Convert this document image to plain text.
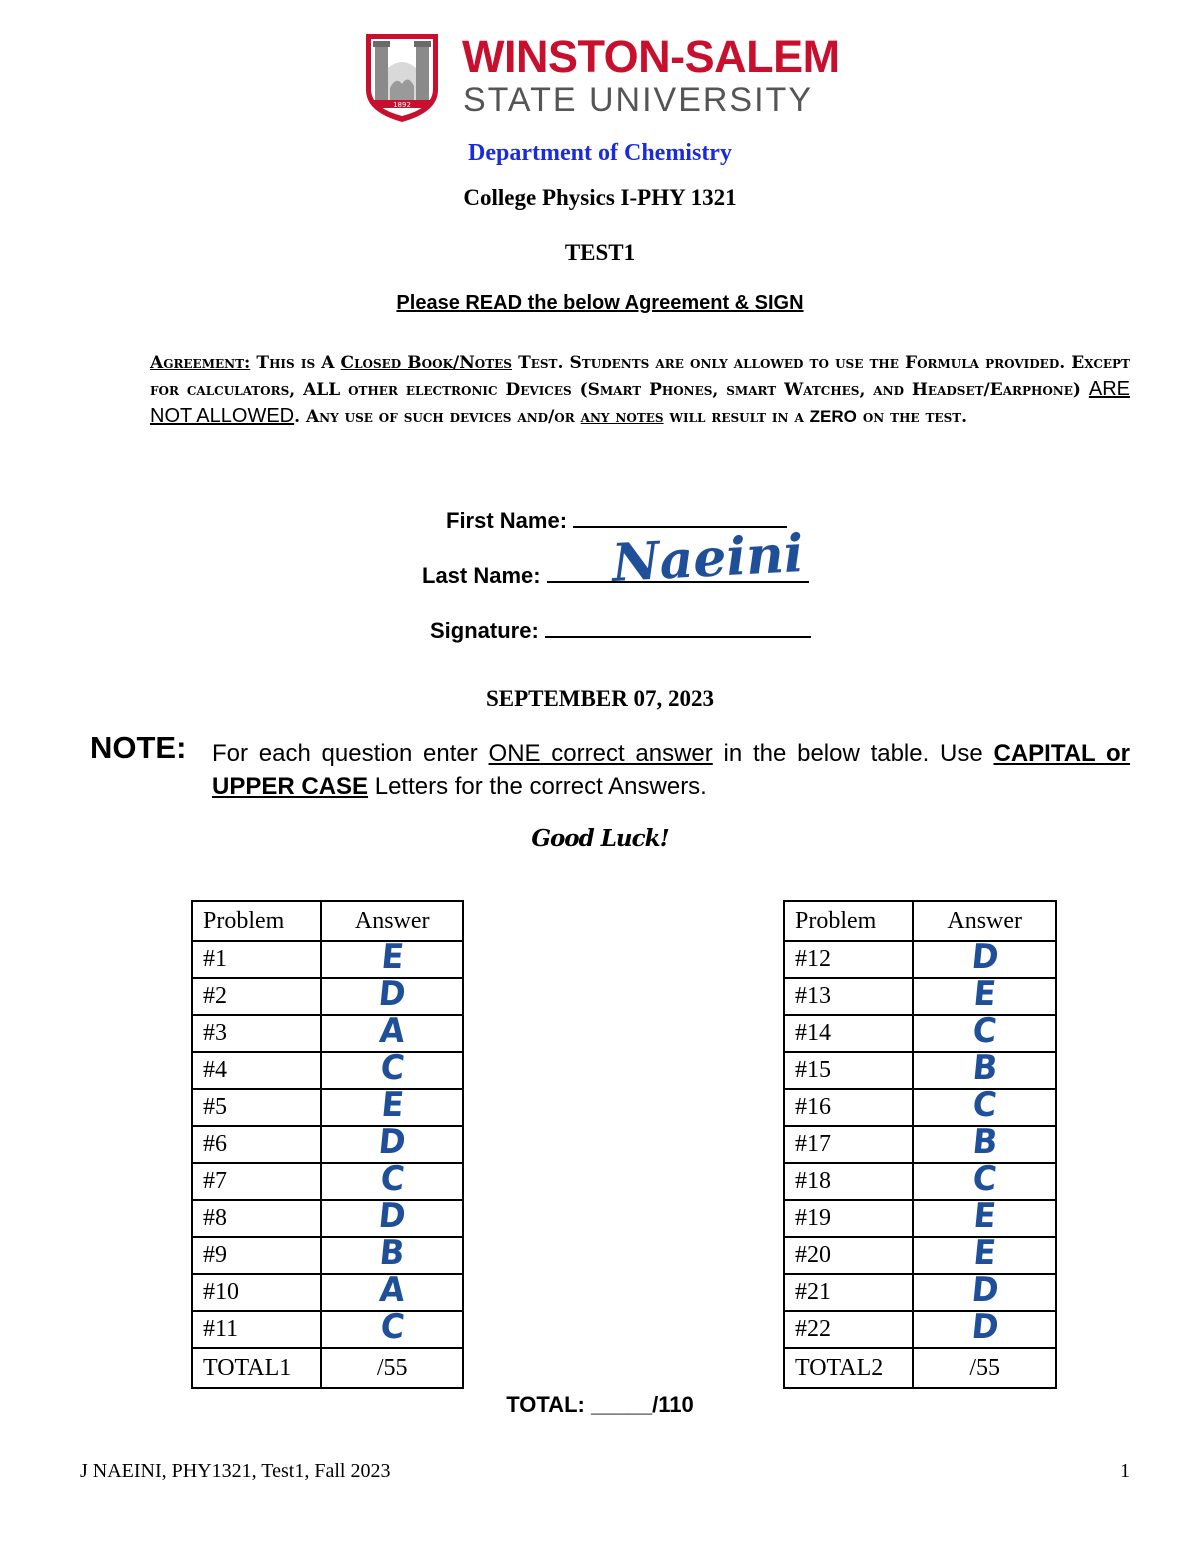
1892
WINSTON-SALEM
STATE UNIVERSITY
Department of Chemistry
College Physics I-PHY 1321
TEST1
Please READ the below Agreement & SIGN
Agreement: This is A Closed Book/Notes Test. Students are only allowed to use the Formula provided. Except for calculators, ALL other electronic Devices (Smart Phones, smart Watches, and Headset/Earphone) ARE NOT ALLOWED. Any use of such devices and/or any notes will result in a ZERO on the test.
First Name:
Last Name:	Naeini
Signature:
SEPTEMBER 07, 2023
NOTE: For each question enter ONE correct answer in the below table. Use CAPITAL or UPPER CASE Letters for the correct Answers.
Good Luck!
Problem	Answer
#1	E
#2	D
#3	A
#4	C
#5	E
#6	D
#7	C
#8	D
#9	B
#10	A
#11	C
TOTAL1	/55
Problem	Answer
#12	D
#13	E
#14	C
#15	B
#16	C
#17	B
#18	C
#19	E
#20	E
#21	D
#22	D
TOTAL2	/55
TOTAL: _____/110
J NAEINI, PHY1321, Test1, Fall 2023	1
